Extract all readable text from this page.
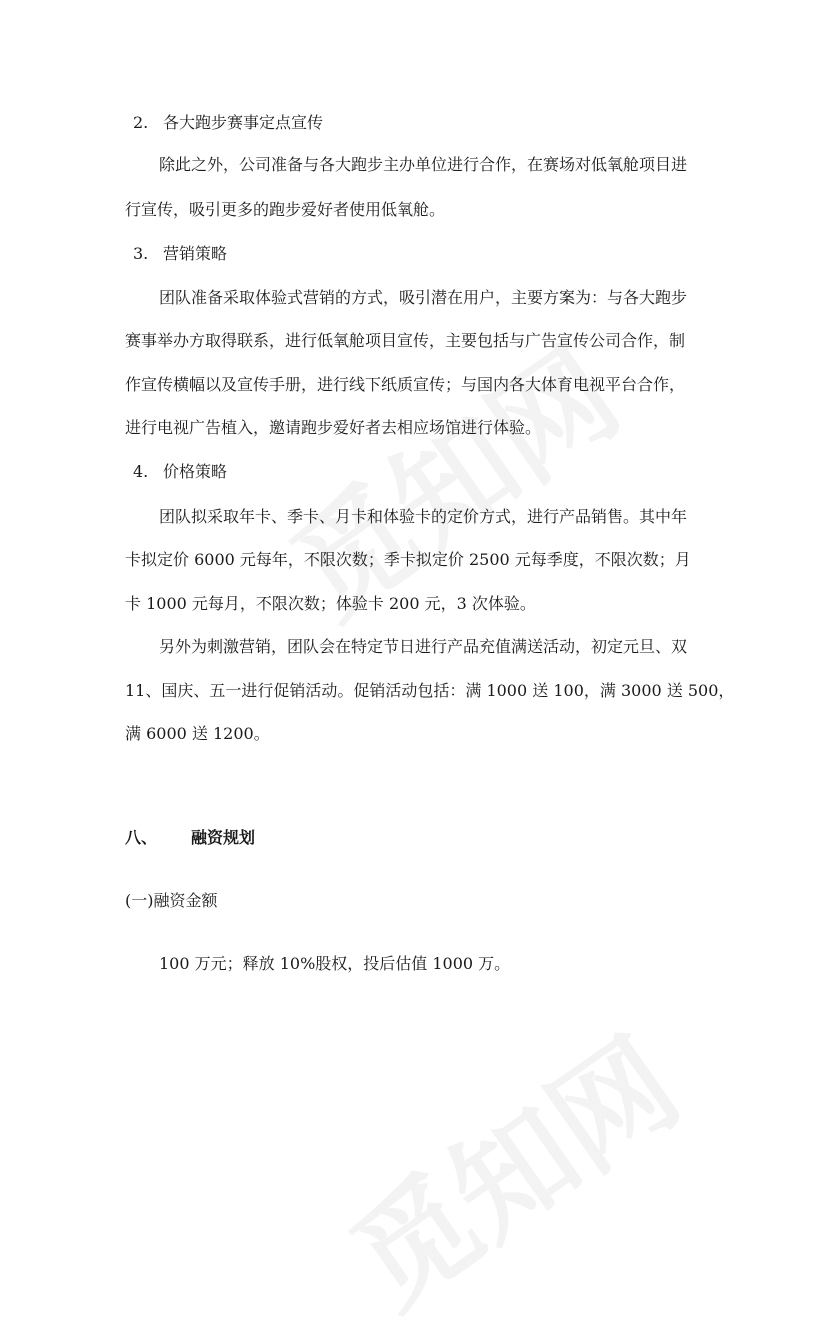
2. 各大跑步赛事定点宣传
除此之外，公司准备与各大跑步主办单位进行合作，在赛场对低氧舱项目进
行宣传，吸引更多的跑步爱好者使用低氧舱。
3. 营销策略
团队准备采取体验式营销的方式，吸引潜在用户，主要方案为：与各大跑步
赛事举办方取得联系，进行低氧舱项目宣传，主要包括与广告宣传公司合作，制
作宣传横幅以及宣传手册，进行线下纸质宣传；与国内各大体育电视平台合作，
进行电视广告植入，邀请跑步爱好者去相应场馆进行体验。
4. 价格策略
团队拟采取年卡、季卡、月卡和体验卡的定价方式，进行产品销售。其中年
卡拟定价 6000 元每年，不限次数；季卡拟定价 2500 元每季度，不限次数；月
卡 1000 元每月，不限次数；体验卡 200 元，3 次体验。
另外为刺激营销，团队会在特定节日进行产品充值满送活动，初定元旦、双
11、国庆、五一进行促销活动。促销活动包括：满 1000 送 100，满 3000 送 500，
满 6000 送 1200。
八、 融资规划
(一)融资金额
100 万元；释放 10%股权，投后估值 1000 万。
